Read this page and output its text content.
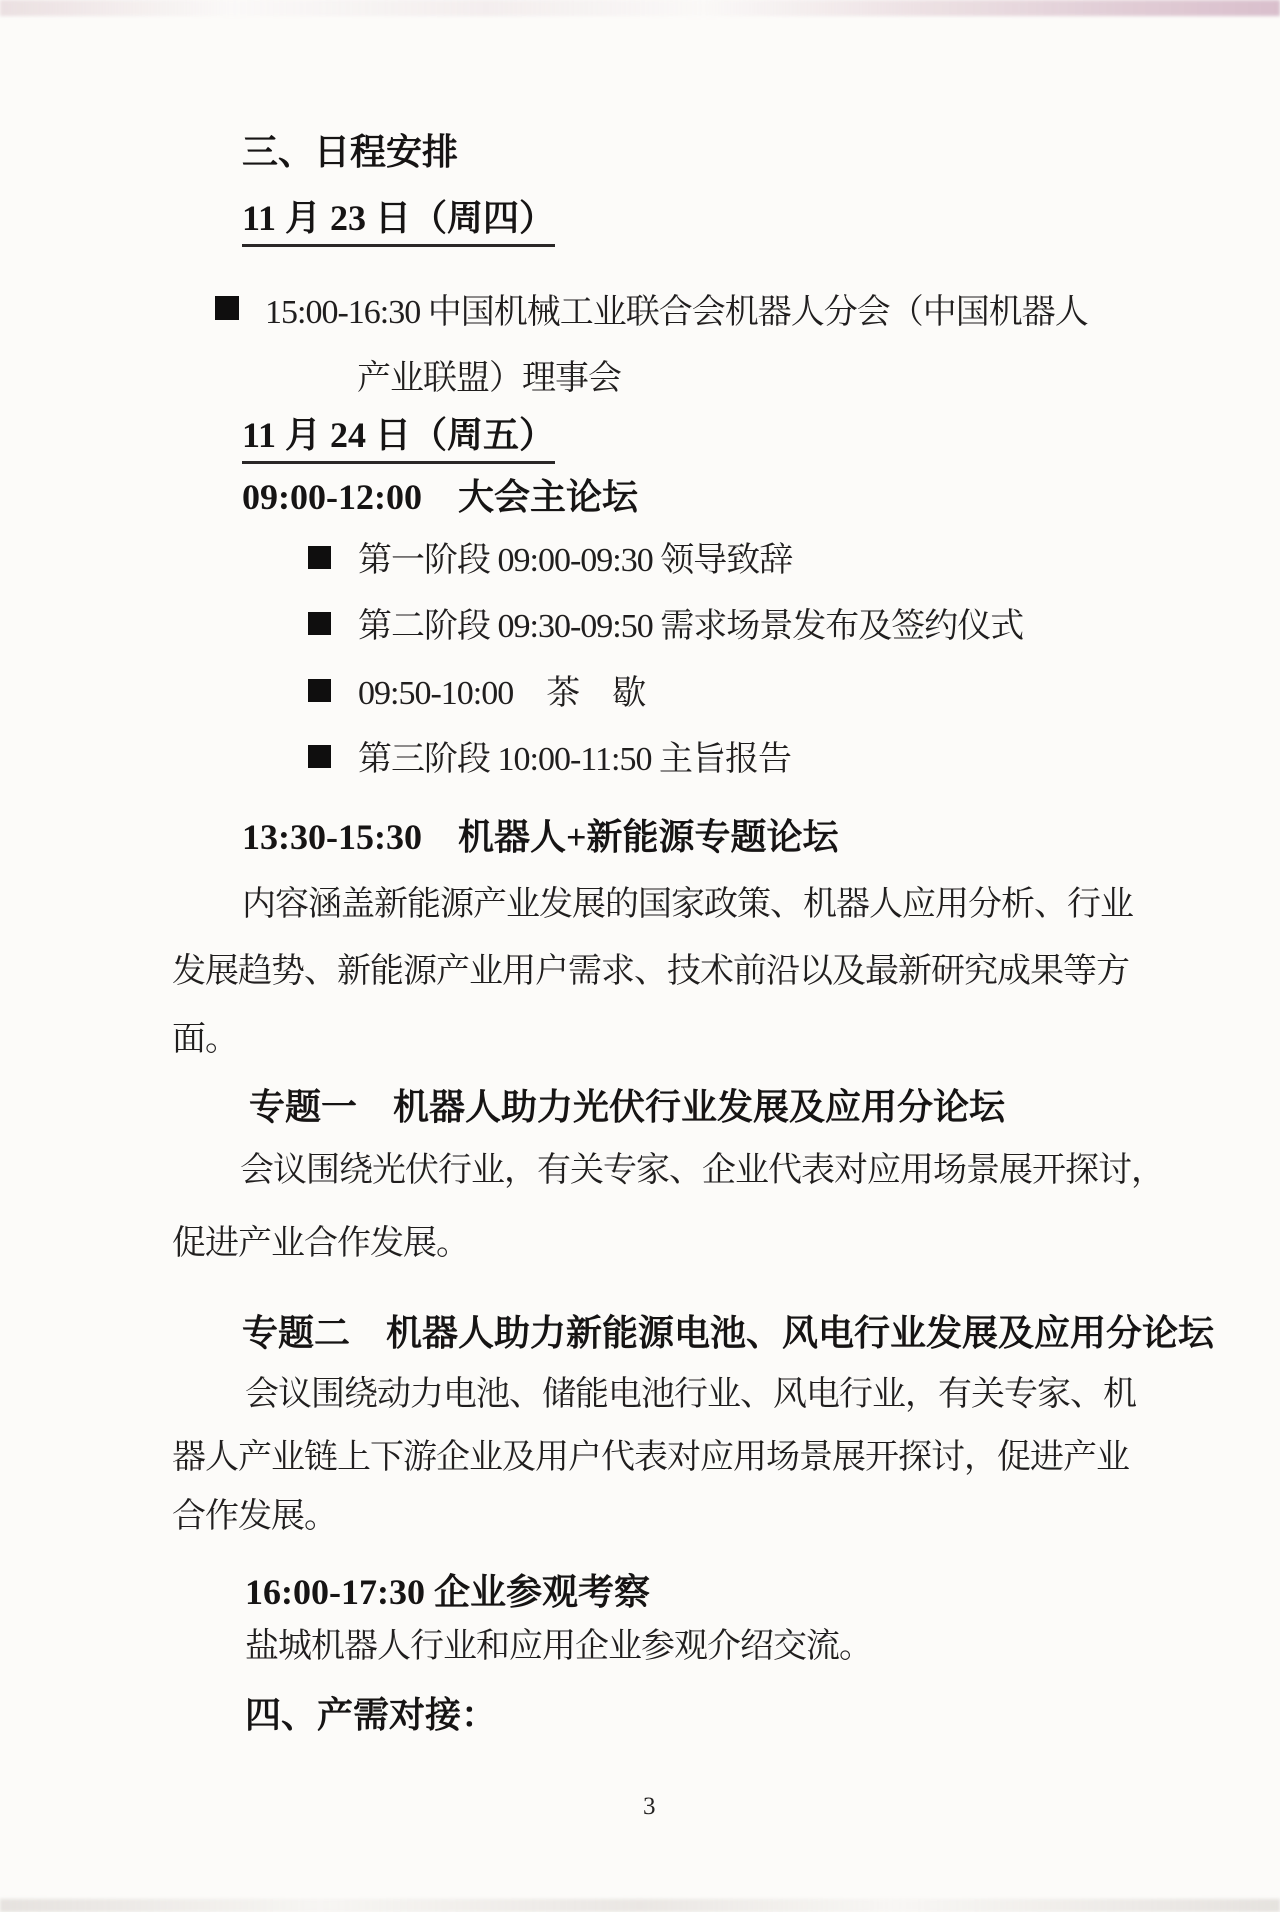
三、日程安排
11 月 23 日（周四）
15:00-16:30 中国机械工业联合会机器人分会（中国机器人
产业联盟）理事会
11 月 24 日（周五）
09:00-12:00　大会主论坛
第一阶段 09:00-09:30 领导致辞
第二阶段 09:30-09:50 需求场景发布及签约仪式
09:50-10:00　茶　歇
第三阶段 10:00-11:50 主旨报告
13:30-15:30　机器人+新能源专题论坛
内容涵盖新能源产业发展的国家政策、机器人应用分析、行业
发展趋势、新能源产业用户需求、技术前沿以及最新研究成果等方
面。
专题一　机器人助力光伏行业发展及应用分论坛
会议围绕光伏行业，有关专家、企业代表对应用场景展开探讨，
促进产业合作发展。
专题二　机器人助力新能源电池、风电行业发展及应用分论坛
会议围绕动力电池、储能电池行业、风电行业，有关专家、机
器人产业链上下游企业及用户代表对应用场景展开探讨，促进产业
合作发展。
16:00-17:30 企业参观考察
盐城机器人行业和应用企业参观介绍交流。
四、产需对接：
3
